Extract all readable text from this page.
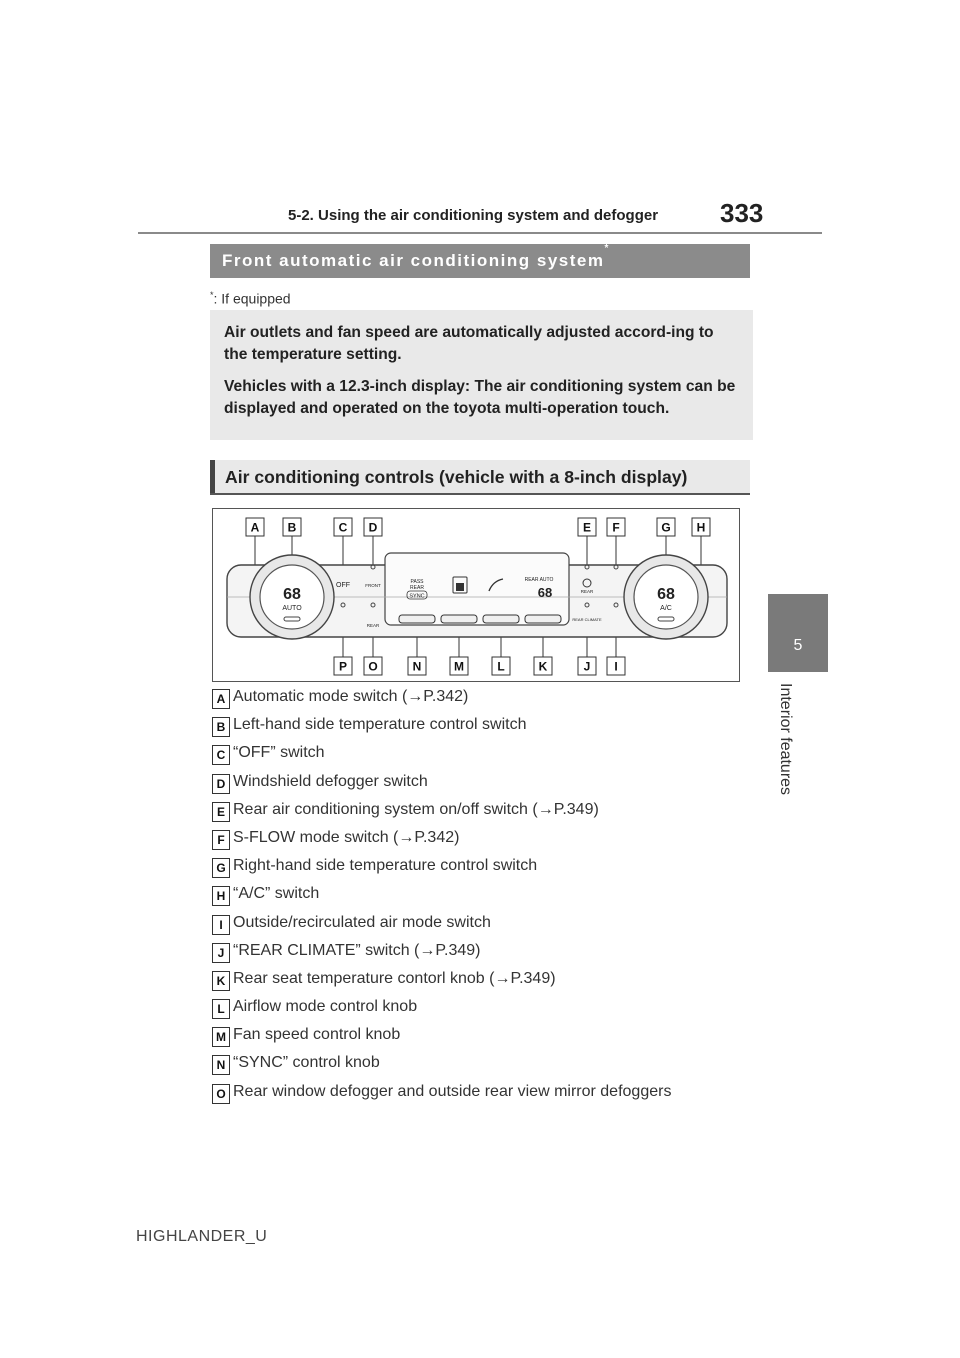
5-2. Using the air conditioning system and defogger 333
5
Interior features
Front automatic air conditioning system*
*: If equipped

Air outlets and fan speed are automatically adjusted accord-ing to the temperature setting.

Vehicles with a 12.3-inch display: The air conditioning system can be displayed and operated on the toyota multi-operation touch.

Air conditioning controls (vehicle with a 8-inch display)
A B	C D	E F	G H
P O	N	M	L	K	J I
68
AUTO
68
A/C
OFF	FRONT
REAR
PASS
REAR
SYNC
REAR AUTO
68	REAR
REAR CLIMATE
A Automatic mode switch (→P.342)
B Left-hand side temperature control switch
C “OFF” switch
D Windshield defogger switch
E Rear air conditioning system on/off switch (→P.349)
F S-FLOW mode switch (→P.342)
G Right-hand side temperature control switch
H “A/C” switch
I Outside/recirculated air mode switch
J “REAR CLIMATE” switch (→P.349)
K Rear seat temperature contorl knob (→P.349)
L Airflow mode control knob
M Fan speed control knob
N “SYNC” control knob
O Rear window defogger and outside rear view mirror defoggers
HIGHLANDER_U
